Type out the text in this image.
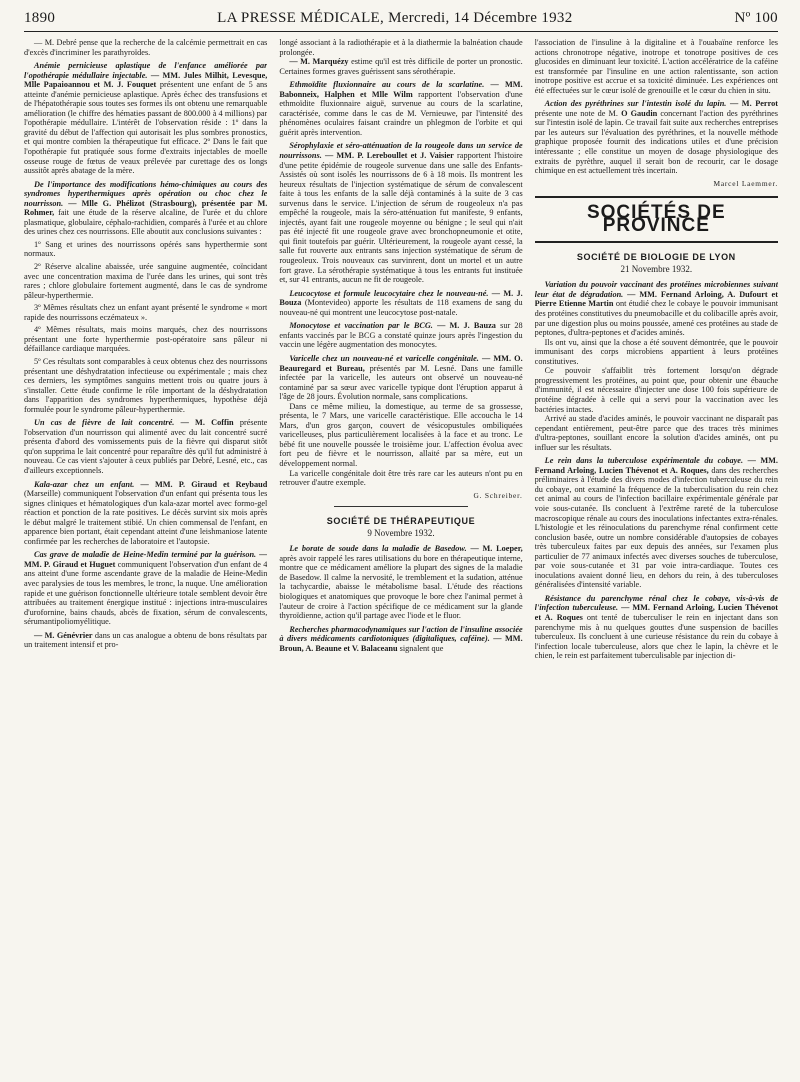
1890	LA PRESSE MÉDICALE, Mercredi, 14 Décembre 1932	Nº 100

— M. Debré pense que la recherche de la calcémie permettrait en cas d'excès d'incriminer les parathyroïdes.

Anémie pernicieuse aplastique de l'enfance améliorée par l'opothérapie médullaire injectable. — MM. Jules Milhit, Levesque, Mlle Papaioannou et M. J. Fouquet présentent une enfant de 5 ans atteinte d'anémie pernicieuse aplastique. Après échec des transfusions et de l'hépatothérapie sous toutes ses formes ils ont obtenu une remarquable amélioration (le chiffre des hématies passant de 800.000 à 4 millions) par l'opothérapie médullaire. L'intérêt de l'observation réside : 1º dans la gravité du début de l'affection qui autorisait les plus sombres pronostics, et qui montre combien la thérapeutique fut efficace. 2º Dans le fait que l'opothérapie fut pratiquée sous forme d'extraits injectables de moelle osseuse rouge de fœtus de veaux prélevée par curettage des os longs aussitôt après abatage de la mère.

De l'importance des modifications hémo-chimiques au cours des syndromes hyperthermiques après opération ou choc chez le nourrisson. — Mlle G. Phélizot (Strasbourg), présentée par M. Rohmer, fait une étude de la réserve alcaline, de l'urée et du chlore plasmatique, globulaire, céphalo-rachidien, comparés à l'urée et au chlore des urines chez ces nourrissons. Elle aboutit aux conclusions suivantes :

1º Sang et urines des nourrissons opérés sans hyperthermie sont normaux.

2º Réserve alcaline abaissée, urée sanguine augmentée, coïncidant avec une concentration maxima de l'urée dans les urines, qui sont très rares ; chlore globulaire fortement augmenté, dans le cas de syndrome pâleur-hyperthermie.

3º Mêmes résultats chez un enfant ayant présenté le syndrome « mort rapide des nourrissons eczémateux ».

4º Mêmes résultats, mais moins marqués, chez des nourrissons présentant une forte hyperthermie post-opératoire sans pâleur ni défaillance cardiaque marquées.

5º Ces résultats sont comparables à ceux obtenus chez des nourrissons présentant une déshydratation infectieuse ou expérimentale ; mais chez ces derniers, les symptômes sanguins mettent trois ou quatre jours à s'installer. Cette étude confirme le rôle important de la déshydratation dans l'apparition des syndromes hyperthermiques, hypothèse déjà formulée pour le syndrome pâleur-hyperthermie.

Un cas de fièvre de lait concentré. — M. Coffin présente l'observation d'un nourrisson qui alimenté avec du lait concentré sucré présenta d'abord des vomissements puis de la fièvre qui disparut sitôt qu'on supprima le lait concentré pour reparaître dès qu'il fut administré à nouveau. Ce cas vient s'ajouter à ceux publiés par Debré, Lesné, etc., cas d'ailleurs exceptionnels.

Kala-azar chez un enfant. — MM. P. Giraud et Reybaud (Marseille) communiquent l'observation d'un enfant qui présenta tous les signes cliniques et hématologiques d'un kala-azar mortel avec formo-gel réaction et ponction de la rate positives. Le décès survint six mois après le début malgré le traitement stibié. Un chien commensal de l'enfant, en apparence bien portant, était cependant atteint d'une leishmaniose latente confirmée par les recherches de laboratoire et l'autopsie.

Cas grave de maladie de Heine-Medin terminé par la guérison. — MM. P. Giraud et Huguet communiquent l'observation d'un enfant de 4 ans atteint d'une forme ascendante grave de la maladie de Heine-Medin avec paralysies de tous les membres, le tronc, la nuque. Une amélioration rapide et une guérison fonctionnelle ultérieure totale semblent devoir être attribuées au traitement énergique institué : injections intra-musculaires d'urofornine, bains chauds, abcès de fixation, sérum de convalescents, sérumantipoliomyélitique.

— M. Génévrier dans un cas analogue a obtenu de bons résultats par un traitement intensif et pro-

longé associant à la radiothérapie et à la diathermie la balnéation chaude prolongée.

— M. Marquézy estime qu'il est très difficile de porter un pronostic. Certaines formes graves guérissent sans sérothérapie.

Ethmoïdite fluxionnaire au cours de la scarlatine. — MM. Babonneix, Halphen et Mlle Wilm rapportent l'observation d'une ethmoïdite fluxionnaire aiguë, survenue au cours de la scarlatine, caractérisée, comme dans le cas de M. Vernieuwe, par l'intensité des phénomènes oculaires faisant craindre un phlegmon de l'orbite et qui guérit après intervention.

Sérophylaxie et séro-atténuation de la rougeole dans un service de nourrissons. — MM. P. Lereboullet et J. Vaisier rapportent l'histoire d'une petite épidémie de rougeole survenue dans une salle des Enfants-Assistés où sont isolés les nourrissons de 6 à 18 mois. Ils montrent les heureux résultats de l'injection systématique de sérum de convalescent faite à tous les enfants de la salle déjà contaminés à la suite de 3 cas survenus dans le service. L'injection de sérum de rougeoleux n'a pas empêché la rougeole, mais la séro-atténuation fut manifeste, 9 enfants, injectés, ayant fait une rougeole moyenne ou bénigne ; le seul qui n'ait pas été injecté fit une rougeole grave avec bronchopneumonie et otite, qui finit toutefois par guérir. Ultérieurement, la rougeole ayant cessé, la salle fut rouverte aux entrants sans injection systématique de sérum de rougeoleux. Trois nouveaux cas survinrent, dont un mortel et un autre fort grave. La sérothérapie systématique à tous les entrants fut instituée et, sur 41 entrants, aucun ne fit de rougeole.

Leucocytose et formule leucocytaire chez le nouveau-né. — M. J. Bouza (Montevideo) apporte les résultats de 118 examens de sang du nouveau-né qui montrent une leucocytose post-natale.

Monocytose et vaccination par le BCG. — M. J. Bauza sur 28 enfants vaccinés par le BCG a constaté quinze jours après l'ingestion du vaccin une légère augmentation des monocytes.

Varicelle chez un nouveau-né et varicelle congénitale. — MM. O. Beauregard et Bureau, présentés par M. Lesné. Dans une famille infectée par la varicelle, les auteurs ont observé un nouveau-né contaminé par sa sœur avec varicelle typique dont l'éruption apparut à l'âge de 28 jours. Évolution normale, sans complications.

Dans ce même milieu, la domestique, au terme de sa grossesse, présenta, le 7 Mars, une varicelle caractéristique. Elle accoucha le 14 Mars, d'un gros garçon, couvert de vésicopustules ombiliquées varicelleuses, plus particulièrement localisées à la face et au tronc. Le bébé fit une nouvelle poussée le troisième jour. L'affection évolua avec fort peu de fièvre et le nourrisson, allaité par sa mère, eut un développement normal.

La varicelle congénitale doit être très rare car les auteurs n'ont pu en retrouver d'autre exemple.

G. Schreiber.

SOCIÉTÉ DE THÉRAPEUTIQUE

9 Novembre 1932.

Le borate de soude dans la maladie de Basedow. — M. Loeper, après avoir rappelé les rares utilisations du bore en thérapeutique interne, montre que ce médicament améliore la plupart des signes de la maladie de Basedow. Il calme la nervosité, le tremblement et la sudation, atténue la tachycardie, abaisse le métabolisme basal. L'étude des réactions biologiques et anatomiques que provoque le bore chez l'animal permet à l'auteur de croire à l'action spécifique de ce médicament sur la glande thyroïdienne, action qu'il partage avec l'iode et le fluor.

Recherches pharmacodynamiques sur l'action de l'insuline associée à divers médicaments cardiotoniques (digitaliques, caféine). — MM. Broun, A. Beaune et V. Balaceanu signalent que

l'association de l'insuline à la digitaline et à l'ouabaïne renforce les actions chronotrope négative, inotrope et tonotrope positives de ces glucosides en diminuant leur toxicité. L'action accélératrice de la caféine est transformée par l'insuline en une action ralentissante, son action inotrope positive est accrue et sa toxicité diminuée. Les expériences ont été effectuées sur le cœur isolé de grenouille et le cœur du chien in situ.

Action des pyréthrines sur l'intestin isolé du lapin. — M. Perrot présente une note de M. O Gaudin concernant l'action des pyréthrines sur l'intestin isolé de lapin. Ce travail fait suite aux recherches entreprises par les auteurs sur l'évaluation des pyréthrines, et la nouvelle méthode graphique proposée fournit des indications utiles et d'une précision intéressante ; elle constitue un moyen de dosage physiologique des extraits de pyrèthre, auquel il serait bon de recourir, car le dosage chimique en est actuellement très incertain.

Marcel Laemmer.

SOCIÉTÉS DE PROVINCE

SOCIÉTÉ DE BIOLOGIE DE LYON

21 Novembre 1932.

Variation du pouvoir vaccinant des protéines microbiennes suivant leur état de dégradation. — MM. Fernand Arloing, A. Dufourt et Pierre Etienne Martin ont étudié chez le cobaye le pouvoir immunisant des protéines constitutives du pneumobacille et du colibacille après avoir, par une digestion plus ou moins poussée, amené ces protéines au stade de peptones, d'ultra-peptones et d'acides aminés.

Ils ont vu, ainsi que la chose a été souvent démontrée, que le pouvoir immunisant des corps microbiens appartient à leurs protéines constitutives.

Ce pouvoir s'affaiblit très fortement lorsqu'on dégrade progressivement les protéines, au point que, pour obtenir une ébauche d'immunité, il est nécessaire d'injecter une dose 100 fois supérieure de protéine dégradée à celle qui a servi pour la vaccination avec les bactéries intactes.

Arrivé au stade d'acides aminés, le pouvoir vaccinant ne disparaît pas cependant entièrement, peut-être parce que des traces très minimes d'ultra-peptones, souillant encore la solution d'acides aminés, ont pu influer sur les résultats.

Le rein dans la tuberculose expérimentale du cobaye. — MM. Fernand Arloing, Lucien Thévenot et A. Roques, dans des recherches préliminaires à l'étude des divers modes d'infection tuberculeuse du rein du cobaye, ont examiné la fréquence de la tuberculisation du rein chez cet animal au cours de l'infection bacillaire expérimentale générale par voie sous-cutanée. Ils concluent à l'extrême rareté de la tuberculose macroscopique rénale au cours des inoculations infectantes extra-rénales. L'histologie et les réinoculations du parenchyme rénal confirment cette conclusion basée, outre un nombre considérable d'autopsies de cobayes très tuberculeux faites par eux depuis des années, sur l'examen plus particulier de 77 animaux infectés avec diverses souches de tuberculose, par voie sous-cutanée et 31 par voie intra-cardiaque. Toutes ces inoculations avaient donné lieu, en dehors du rein, à des tuberculoses généralisées d'intensité variable.

Résistance du parenchyme rénal chez le cobaye, vis-à-vis de l'infection tuberculeuse. — MM. Fernand Arloing, Lucien Thévenot et A. Roques ont tenté de tuberculiser le rein en injectant dans son parenchyme mis à nu quelques gouttes d'une suspension de bacilles tuberculeux. Ils concluent à une curieuse résistance du rein du cobaye à l'infection locale tuberculeuse, alors que chez le lapin, la chèvre et le chien, le rein est parfaitement tuberculisable par injection di-
